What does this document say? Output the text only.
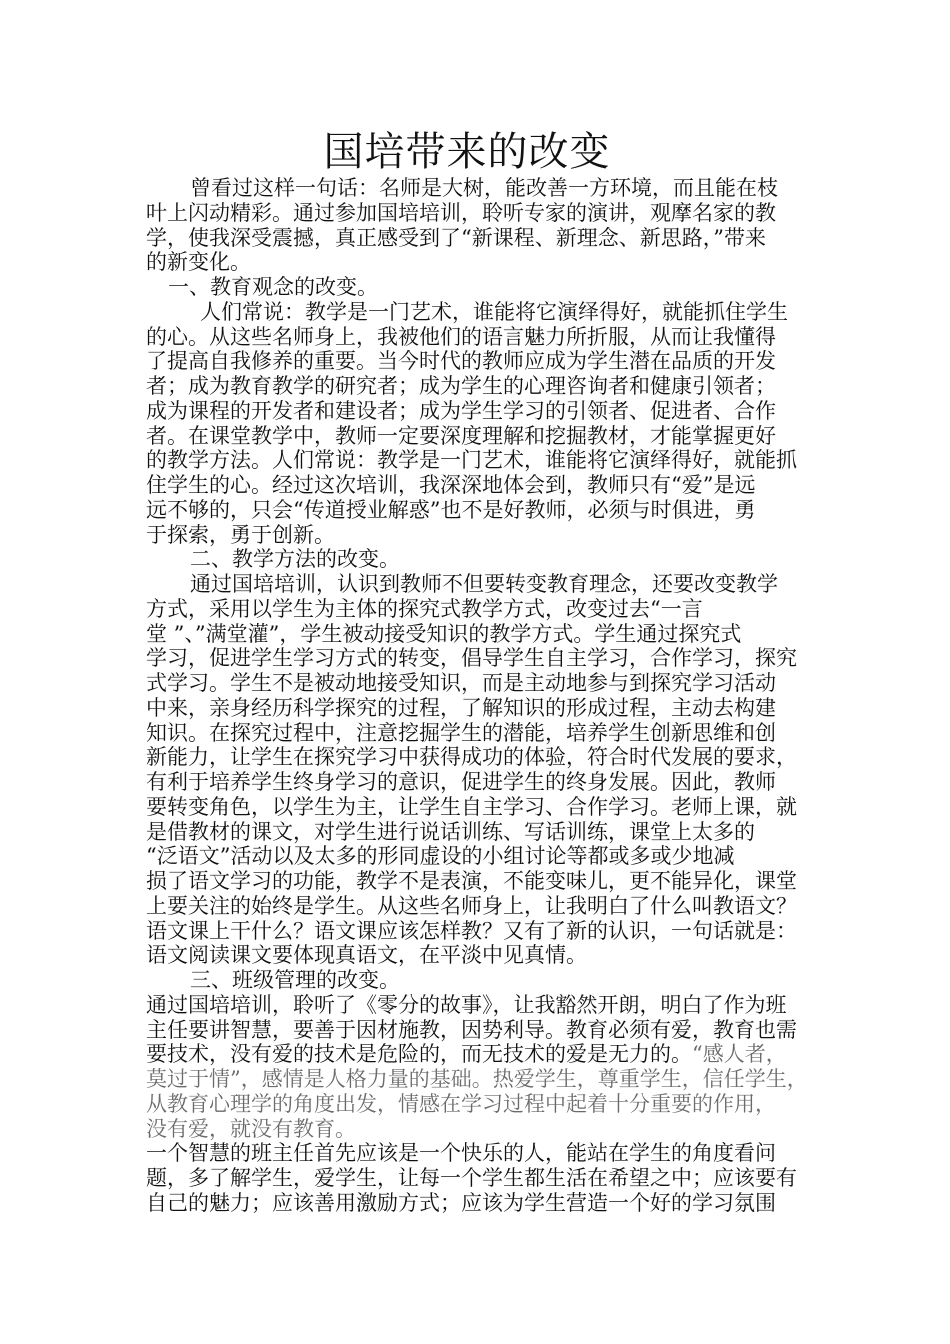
国培带来的改变
曾看过这样一句话：名师是大树，能改善一方环境，而且能在枝
叶上闪动精彩。通过参加国培培训，聆听专家的演讲，观摩名家的教
学，使我深受震撼，真正感受到了“新课程、新理念、新思路，”带来
的新变化。
一、教育观念的改变。
人们常说：教学是一门艺术，谁能将它演绎得好，就能抓住学生
的心。从这些名师身上，我被他们的语言魅力所折服，从而让我懂得
了提高自我修养的重要。当今时代的教师应成为学生潜在品质的开发
者；成为教育教学的研究者；成为学生的心理咨询者和健康引领者；
成为课程的开发者和建设者；成为学生学习的引领者、促进者、合作
者。在课堂教学中，教师一定要深度理解和挖掘教材，才能掌握更好
的教学方法。人们常说：教学是一门艺术，谁能将它演绎得好，就能抓
住学生的心。经过这次培训，我深深地体会到，教师只有“爱”是远
远不够的，只会“传道授业解惑”也不是好教师，必须与时俱进，勇
于探索，勇于创新。
二、教学方法的改变。
通过国培培训，认识到教师不但要转变教育理念，还要改变教学
方式，采用以学生为主体的探究式教学方式，改变过去“一言
堂 ”、”满堂灌”，学生被动接受知识的教学方式。学生通过探究式
学习，促进学生学习方式的转变，倡导学生自主学习，合作学习，探究
式学习。学生不是被动地接受知识，而是主动地参与到探究学习活动
中来，亲身经历科学探究的过程，了解知识的形成过程，主动去构建
知识。在探究过程中，注意挖掘学生的潜能，培养学生创新思维和创
新能力，让学生在探究学习中获得成功的体验，符合时代发展的要求，
有利于培养学生终身学习的意识，促进学生的终身发展。因此，教师
要转变角色，以学生为主，让学生自主学习、合作学习。老师上课，就
是借教材的课文，对学生进行说话训练、写话训练，课堂上太多的
“泛语文”活动以及太多的形同虚设的小组讨论等都或多或少地减
损了语文学习的功能，教学不是表演，不能变味儿，更不能异化，课堂
上要关注的始终是学生。从这些名师身上，让我明白了什么叫教语文？
语文课上干什么？语文课应该怎样教？又有了新的认识，一句话就是：
语文阅读课文要体现真语文，在平淡中见真情。
三、班级管理的改变。
通过国培培训，聆听了《零分的故事》，让我豁然开朗，明白了作为班
主任要讲智慧，要善于因材施教，因势利导。教育必须有爱，教育也需
要技术，没有爱的技术是危险的，而无技术的爱是无力的。“感人者，
莫过于情”，感情是人格力量的基础。热爱学生，尊重学生，信任学生，
从教育心理学的角度出发，情感在学习过程中起着十分重要的作用，
没有爱，就没有教育。
一个智慧的班主任首先应该是一个快乐的人，能站在学生的角度看问
题，多了解学生，爱学生，让每一个学生都生活在希望之中；应该要有
自己的魅力；应该善用激励方式；应该为学生营造一个好的学习氛围
